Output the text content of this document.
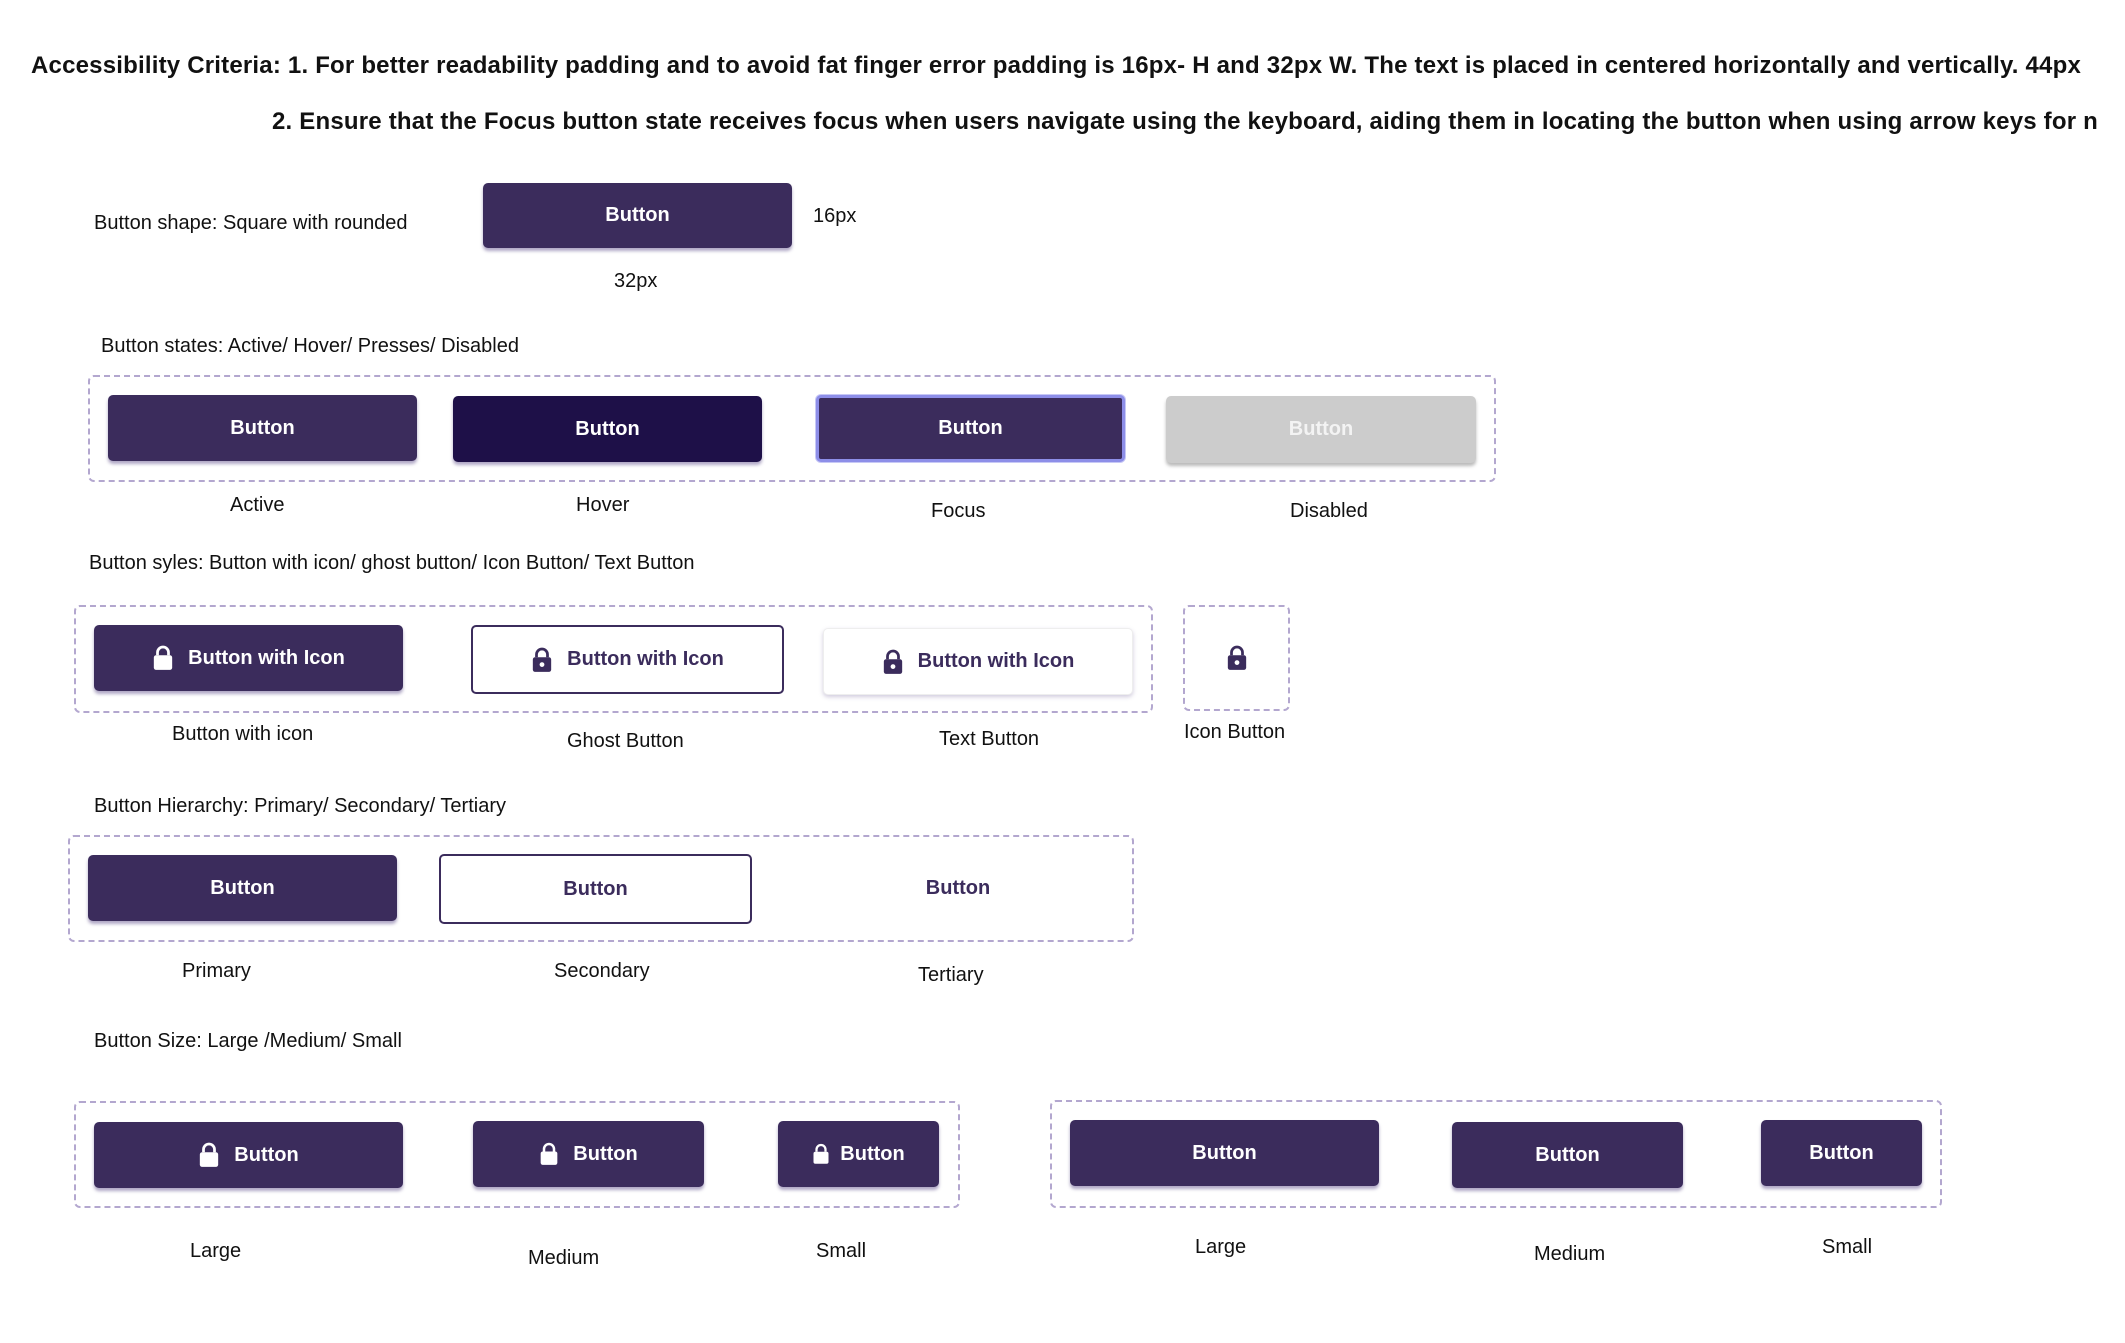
Accessibility Criteria: 1. For better readability padding and to avoid fat finger error padding is 16px- H and 32px W. The text is placed in centered horizontally and vertically. 44px
2. Ensure that the Focus button state receives focus when users navigate using the keyboard, aiding them in locating the button when using arrow keys for n
Button shape: Square with rounded	Button	16px
32px
Button states: Active/ Hover/ Presses/ Disabled
Button	Button	Button	Button
Active	Hover	Focus	Disabled
Button syles: Button with icon/ ghost button/ Icon Button/ Text Button
Button with Icon	Button with Icon	Button with Icon
Button with icon	Ghost Button	Text Button	Icon Button
Button Hierarchy: Primary/ Secondary/ Tertiary
Button	Button	Button
Primary	Secondary	Tertiary
Button Size: Large /Medium/ Small
Button	Button	Button	Button	Button	Button
Large	Medium	Small	Large	Medium	Small
